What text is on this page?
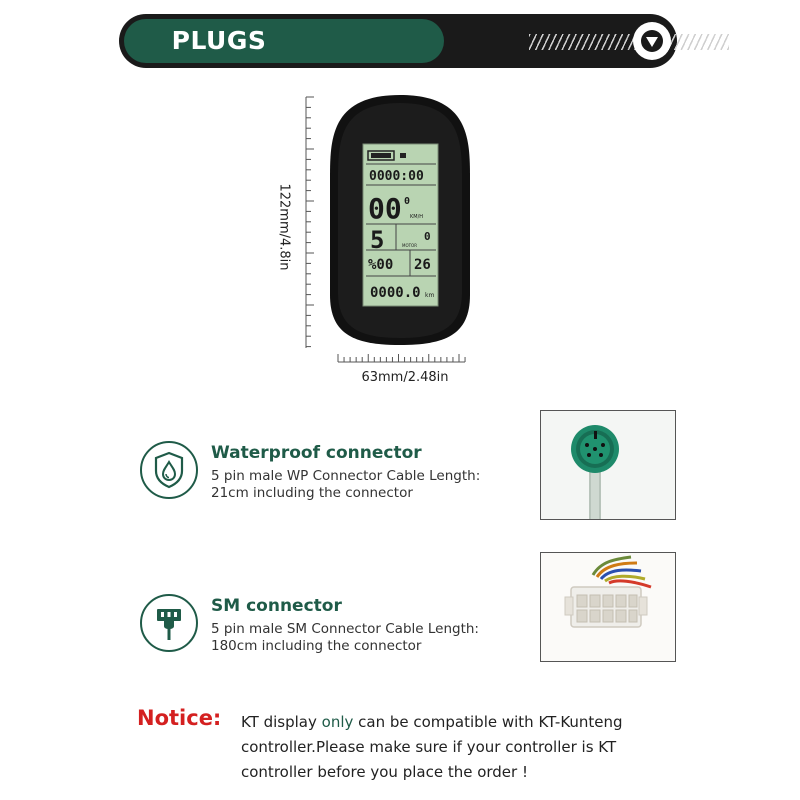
PLUGS
0000:00
00 0
KM/H
5	0
MOTOR
%00 26
0000.0 km
122mm/4.8in
63mm/2.48in
Waterproof connector
5 pin male WP Connector Cable Length: 21cm including the connector
SM connector
5 pin male SM Connector Cable Length: 180cm including the connector
Notice: KT display only can be compatible with KT-Kunteng controller.Please make sure if your controller is KT controller before you place the order !
